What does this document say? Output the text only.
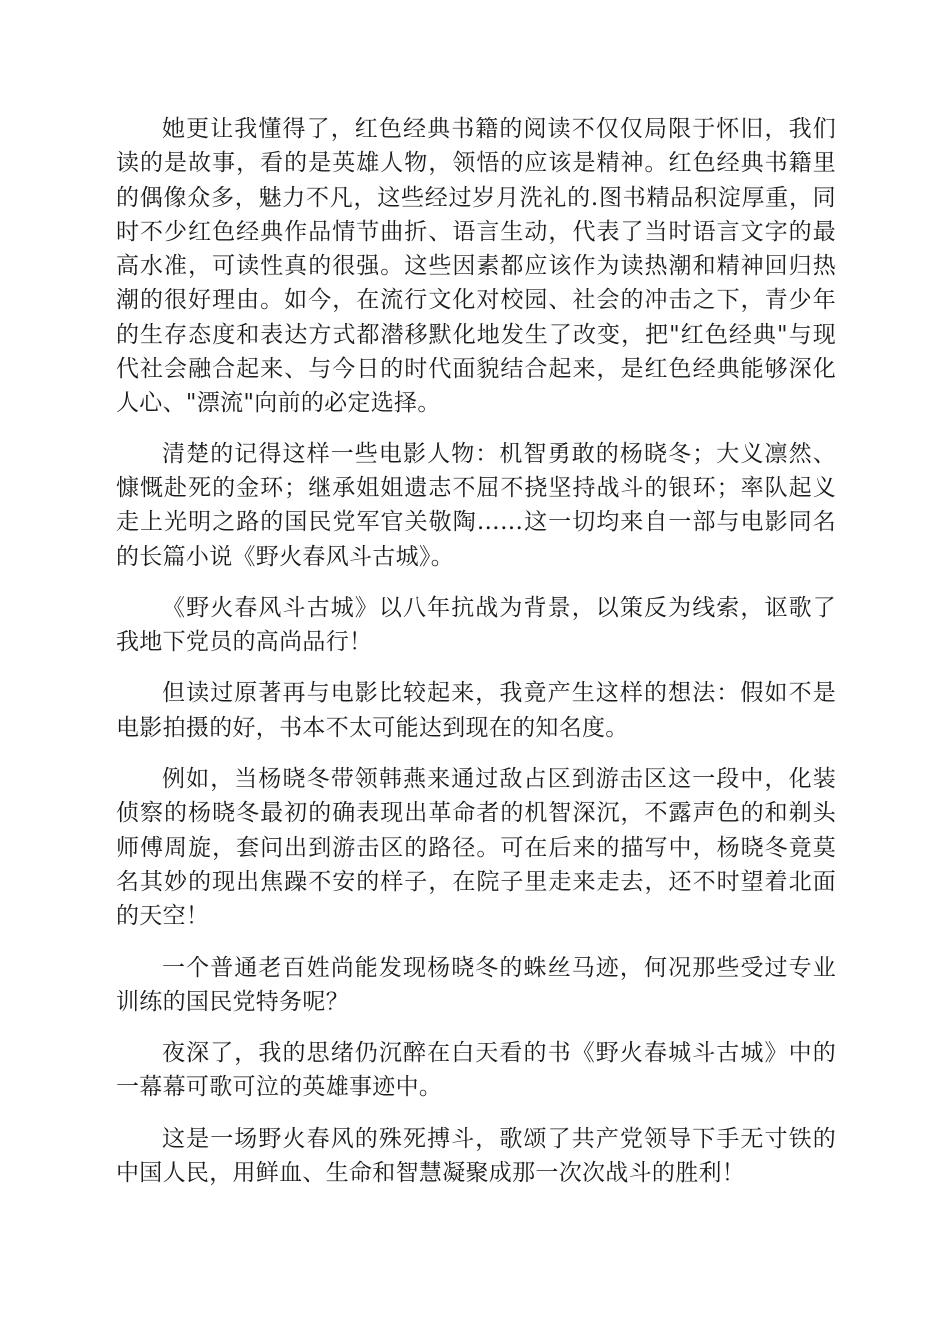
她更让我懂得了，红色经典书籍的阅读不仅仅局限于怀旧，我们读的是故事，看的是英雄人物，领悟的应该是精神。红色经典书籍里的偶像众多，魅力不凡，这些经过岁月洗礼的.图书精品积淀厚重，同时不少红色经典作品情节曲折、语言生动，代表了当时语言文字的最高水准，可读性真的很强。这些因素都应该作为读热潮和精神回归热潮的很好理由。如今，在流行文化对校园、社会的冲击之下，青少年的生存态度和表达方式都潜移默化地发生了改变，把"红色经典"与现代社会融合起来、与今日的时代面貌结合起来，是红色经典能够深化人心、"漂流"向前的必定选择。

清楚的记得这样一些电影人物：机智勇敢的杨晓冬；大义凛然、慷慨赴死的金环；继承姐姐遗志不屈不挠坚持战斗的银环；率队起义走上光明之路的国民党军官关敬陶……这一切均来自一部与电影同名的长篇小说《野火春风斗古城》。

《野火春风斗古城》以八年抗战为背景，以策反为线索，讴歌了我地下党员的高尚品行！

但读过原著再与电影比较起来，我竟产生这样的想法：假如不是电影拍摄的好，书本不太可能达到现在的知名度。

例如，当杨晓冬带领韩燕来通过敌占区到游击区这一段中，化装侦察的杨晓冬最初的确表现出革命者的机智深沉，不露声色的和剃头师傅周旋，套问出到游击区的路径。可在后来的描写中，杨晓冬竟莫名其妙的现出焦躁不安的样子，在院子里走来走去，还不时望着北面的天空！

一个普通老百姓尚能发现杨晓冬的蛛丝马迹，何况那些受过专业训练的国民党特务呢？

夜深了，我的思绪仍沉醉在白天看的书《野火春城斗古城》中的一幕幕可歌可泣的英雄事迹中。

这是一场野火春风的殊死搏斗，歌颂了共产党领导下手无寸铁的中国人民，用鲜血、生命和智慧凝聚成那一次次战斗的胜利！
